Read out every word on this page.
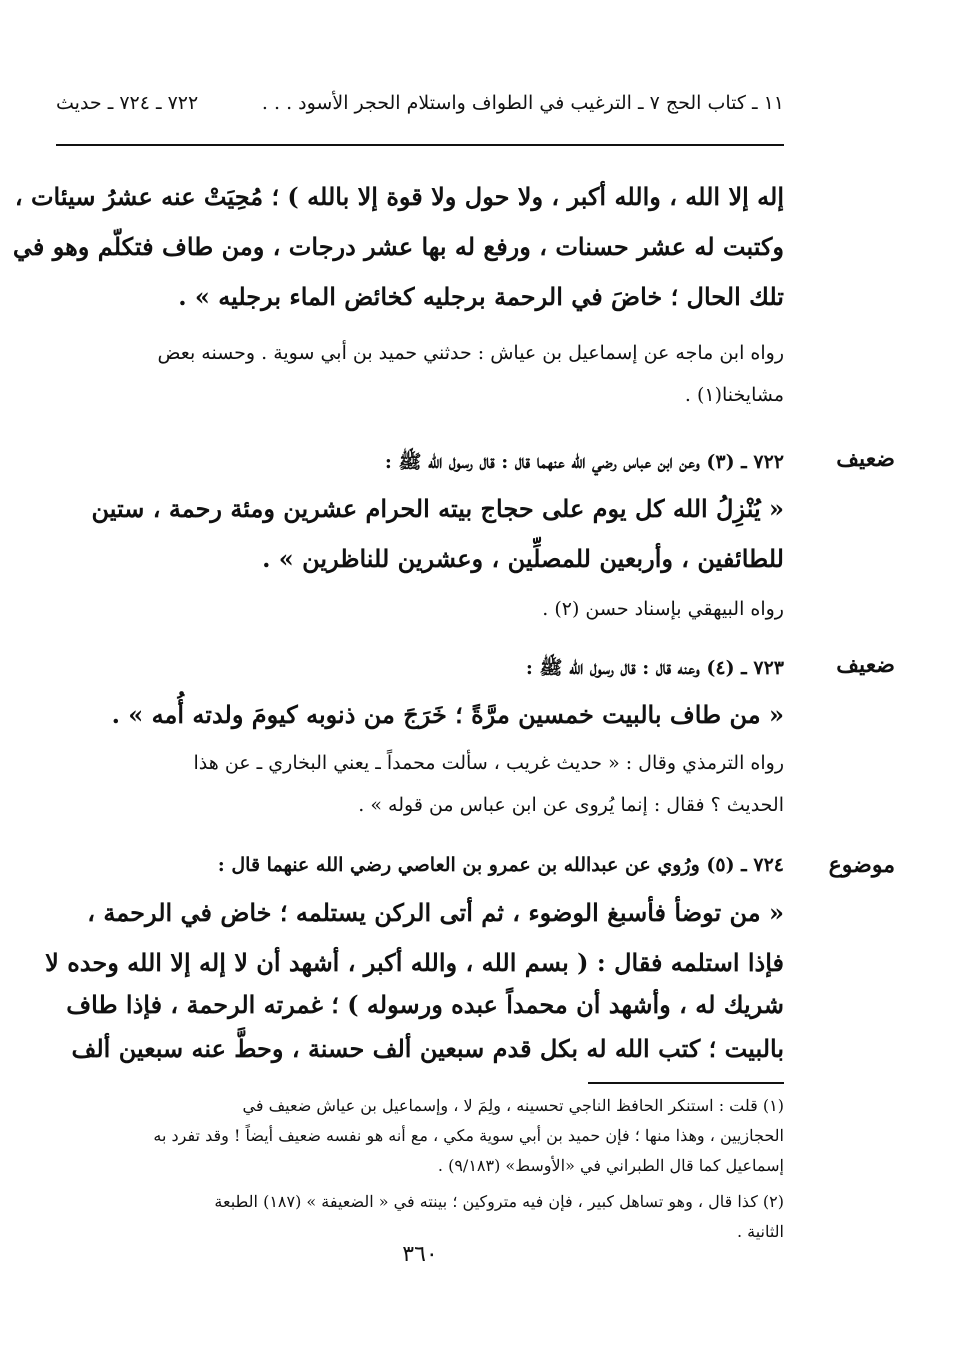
١١ ـ كتاب الحج ٧ ـ الترغيب في الطواف واستلام الحجر الأسود . . .
٧٢٢ ـ ٧٢٤ ـ حديث
إله إلا الله ، والله أكبر ، ولا حول ولا قوة إلا بالله ) ؛ مُحِيَتْ عنه عشرُ سيئات ،
وكتبت له عشر حسنات ، ورفع له بها عشر درجات ، ومن طاف فتكلّم وهو في
تلك الحال ؛ خاضَ في الرحمة برجليه كخائض الماء برجليه » .
رواه ابن ماجه عن إسماعيل بن عياش : حدثني حميد بن أبي سوية . وحسنه بعض
مشايخنا(١) .
ضعيف
٧٢٢ ـ (٣) وعن ابن عباس رضي الله عنهما قال : قال رسول الله ﷺ :
« يُنْزِلُ الله كل يوم على حجاج بيته الحرام عشرين ومئة رحمة ، ستين
للطائفين ، وأربعين للمصلِّين ، وعشرين للناظرين » .
رواه البيهقي بإسناد حسن (٢) .
ضعيف
٧٢٣ ـ (٤) وعنه قال : قال رسول الله ﷺ :
« من طاف بالبيت خمسين مرَّةً ؛ خَرَجَ من ذنوبه كيومَ ولدته أُمه » .
رواه الترمذي وقال : « حديث غريب ، سألت محمداً ـ يعني البخاري ـ عن هذا
الحديث ؟ فقال : إنما يُروى عن ابن عباس من قوله » .
موضوع
٧٢٤ ـ (٥) ورُوي عن عبدالله بن عمرو بن العاصي رضي الله عنهما قال :
« من توضأ فأسبغ الوضوء ، ثم أتى الركن يستلمه ؛ خاض في الرحمة ،
فإذا استلمه فقال : ( بسم الله ، والله أكبر ، أشهد أن لا إله إلا الله وحده لا
شريك له ، وأشهد أن محمداً عبده ورسوله ) ؛ غمرته الرحمة ، فإذا طاف
بالبيت ؛ كتب الله له بكل قدم سبعين ألف حسنة ، وحطَّ عنه سبعين ألف
(١) قلت : استنكر الحافظ الناجي تحسينه ، ولِمَ لا ، وإسماعيل بن عياش ضعيف في
الحجازيين ، وهذا منها ؛ فإن حميد بن أبي سوية مكي ، مع أنه هو نفسه ضعيف أيضاً ! وقد تفرد به
إسماعيل كما قال الطبراني في «الأوسط» (٩/١٨٣) .
(٢) كذا قال ، وهو تساهل كبير ، فإن فيه متروكين ؛ بينته في « الضعيفة » (١٨٧) الطبعة
الثانية .
٣٦٠
